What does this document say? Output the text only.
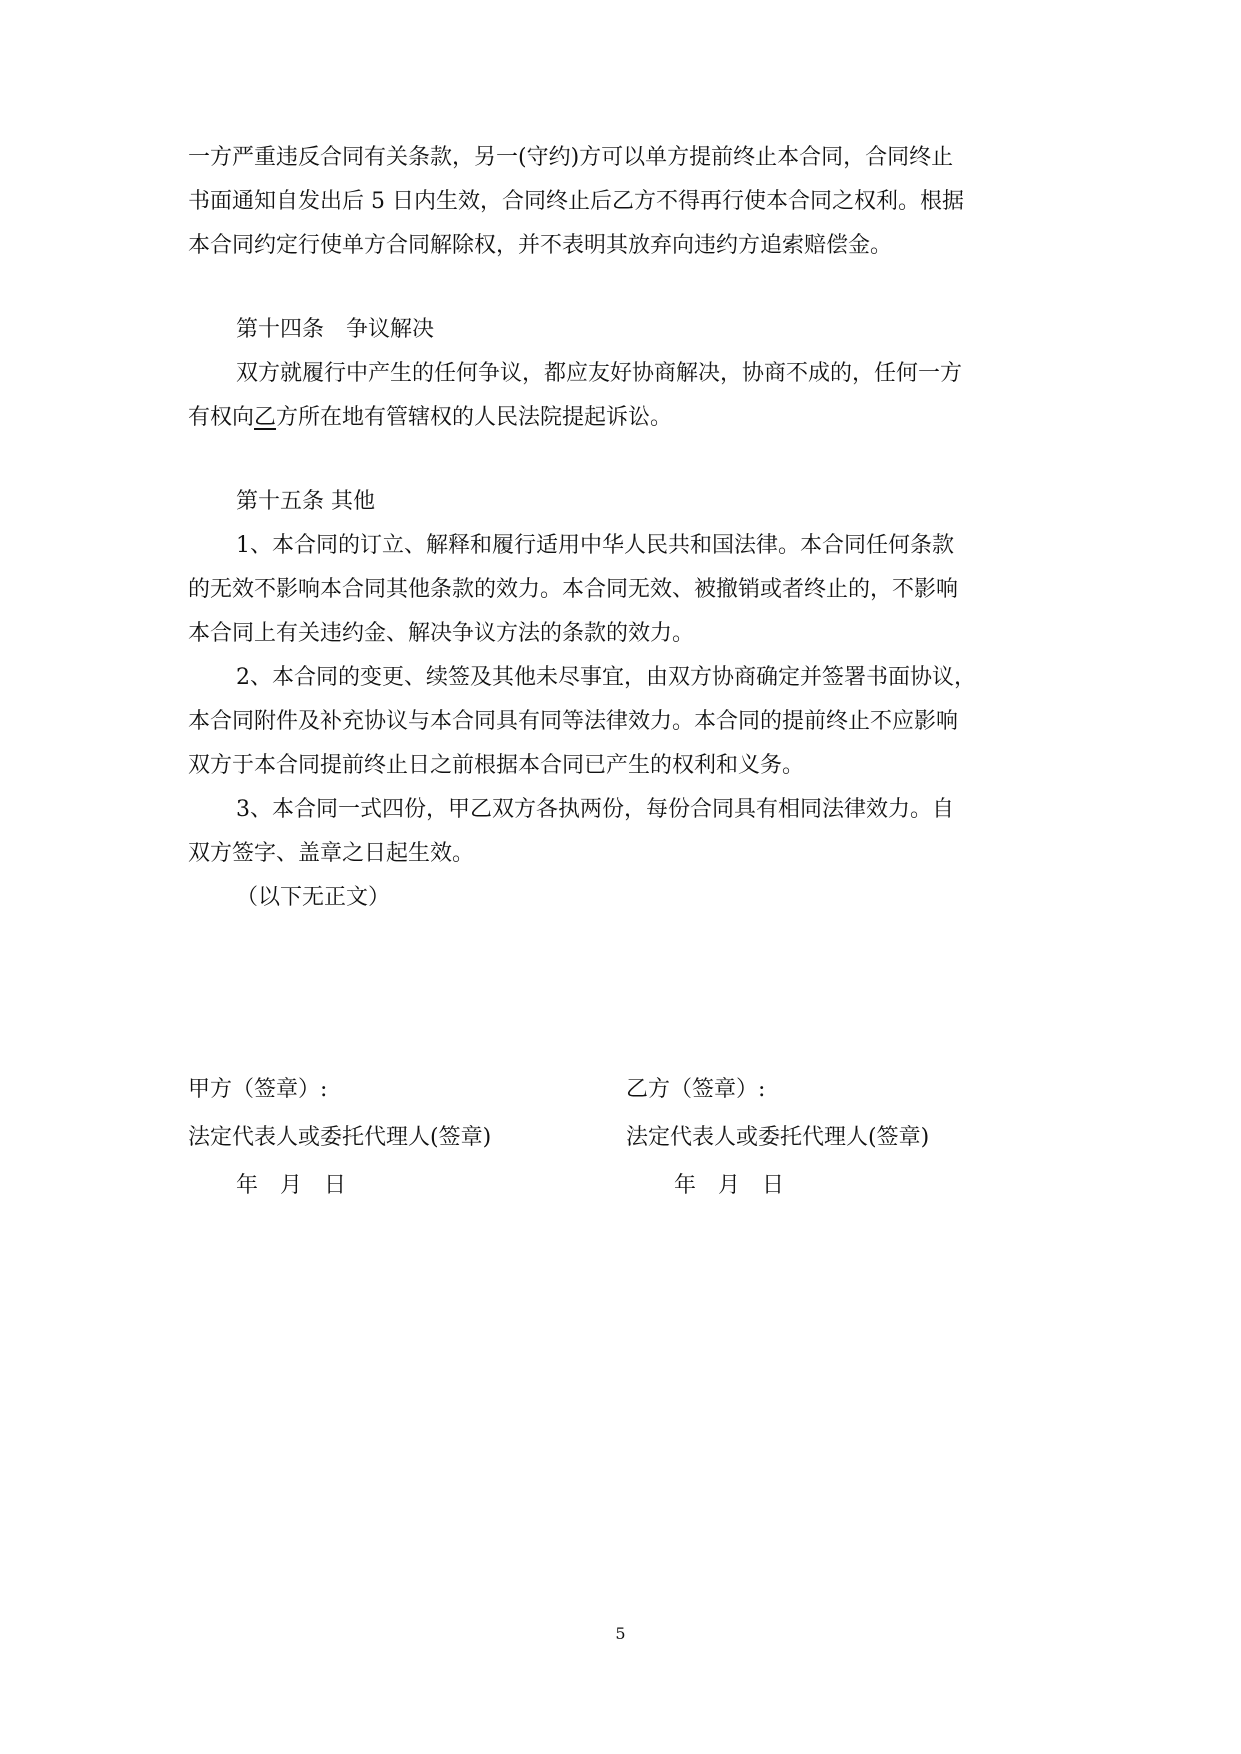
一方严重违反合同有关条款，另一(守约)方可以单方提前终止本合同，合同终止
书面通知自发出后 5 日内生效，合同终止后乙方不得再行使本合同之权利。根据
本合同约定行使单方合同解除权，并不表明其放弃向违约方追索赔偿金。
第十四条　争议解决
双方就履行中产生的任何争议，都应友好协商解决，协商不成的，任何一方
有权向乙方所在地有管辖权的人民法院提起诉讼。
第十五条 其他
1、本合同的订立、解释和履行适用中华人民共和国法律。本合同任何条款
的无效不影响本合同其他条款的效力。本合同无效、被撤销或者终止的，不影响
本合同上有关违约金、解决争议方法的条款的效力。
2、本合同的变更、续签及其他未尽事宜，由双方协商确定并签署书面协议，
本合同附件及补充协议与本合同具有同等法律效力。本合同的提前终止不应影响
双方于本合同提前终止日之前根据本合同已产生的权利和义务。
3、本合同一式四份，甲乙双方各执两份，每份合同具有相同法律效力。自
双方签字、盖章之日起生效。
（以下无正文）
甲方（签章）:
法定代表人或委托代理人(签章)
年　月　日
乙方（签章）:
法定代表人或委托代理人(签章)
年　月　日
5
